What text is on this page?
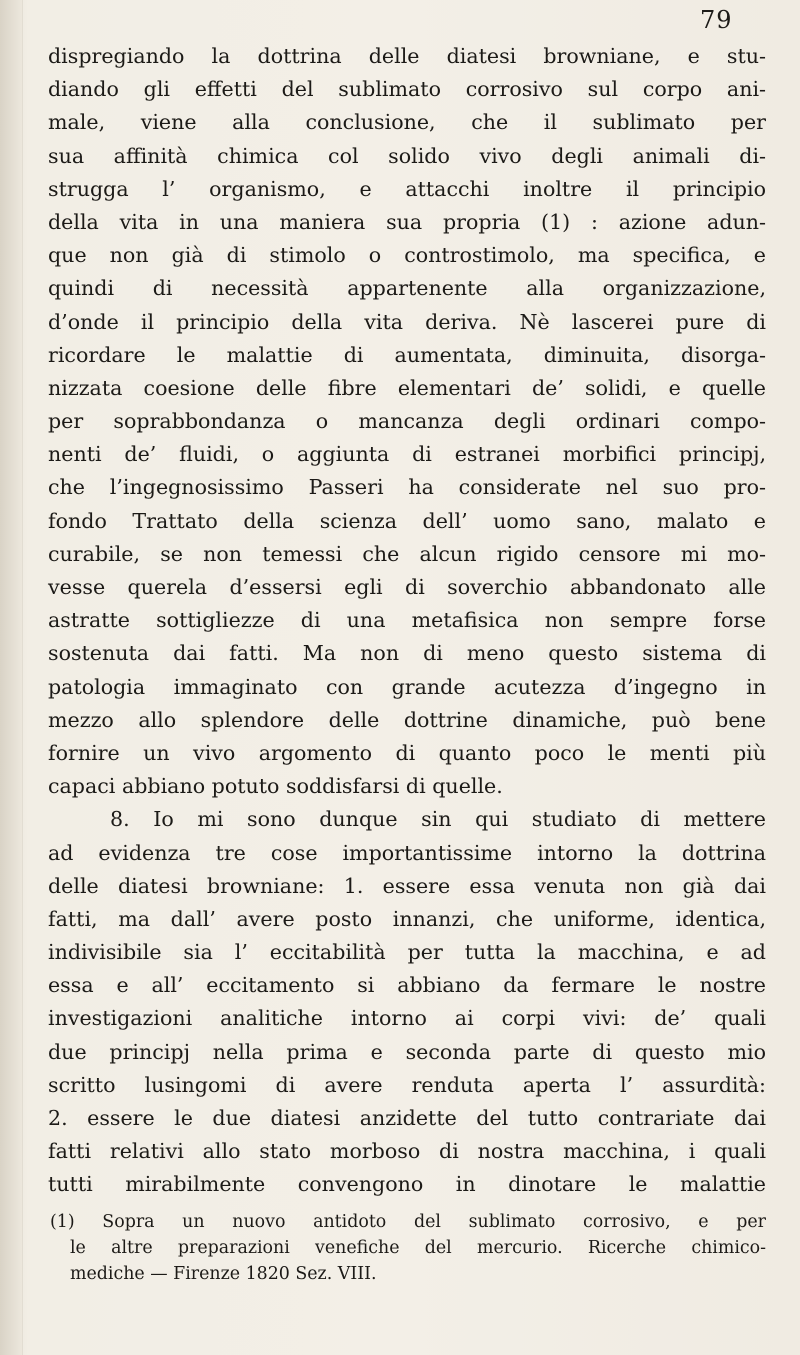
79
dispregiando la dottrina delle diatesi browniane, e stu-
diando gli effetti del sublimato corrosivo sul corpo ani-
male, viene alla conclusione, che il sublimato per
sua affinità chimica col solido vivo degli animali di-
strugga l’ organismo, e attacchi inoltre il principio
della vita in una maniera sua propria (1) : azione adun-
que non già di stimolo o controstimolo, ma specifica, e
quindi di necessità appartenente alla organizzazione,
d’onde il principio della vita deriva. Nè lascerei pure di
ricordare le malattie di aumentata, diminuita, disorga-
nizzata coesione delle fibre elementari de’ solidi, e quelle
per soprabbondanza o mancanza degli ordinari compo-
nenti de’ fluidi, o aggiunta di estranei morbifici principj,
che l’ingegnosissimo Passeri ha considerate nel suo pro-
fondo Trattato della scienza dell’ uomo sano, malato e
curabile, se non temessi che alcun rigido censore mi mo-
vesse querela d’essersi egli di soverchio abbandonato alle
astratte sottigliezze di una metafisica non sempre forse
sostenuta dai fatti. Ma non di meno questo sistema di
patologia immaginato con grande acutezza d’ingegno in
mezzo allo splendore delle dottrine dinamiche, può bene
fornire un vivo argomento di quanto poco le menti più
capaci abbiano potuto soddisfarsi di quelle.
8. Io mi sono dunque sin qui studiato di mettere
ad evidenza tre cose importantissime intorno la dottrina
delle diatesi browniane: 1. essere essa venuta non già dai
fatti, ma dall’ avere posto innanzi, che uniforme, identica,
indivisibile sia l’ eccitabilità per tutta la macchina, e ad
essa e all’ eccitamento si abbiano da fermare le nostre
investigazioni analitiche intorno ai corpi vivi: de’ quali
due principj nella prima e seconda parte di questo mio
scritto lusingomi di avere renduta aperta l’ assurdità:
2. essere le due diatesi anzidette del tutto contrariate dai
fatti relativi allo stato morboso di nostra macchina, i quali
tutti mirabilmente convengono in dinotare le malattie
(1) Sopra un nuovo antidoto del sublimato corrosivo, e per
le altre preparazioni venefiche del mercurio. Ricerche chimico-
mediche — Firenze 1820 Sez. VIII.
